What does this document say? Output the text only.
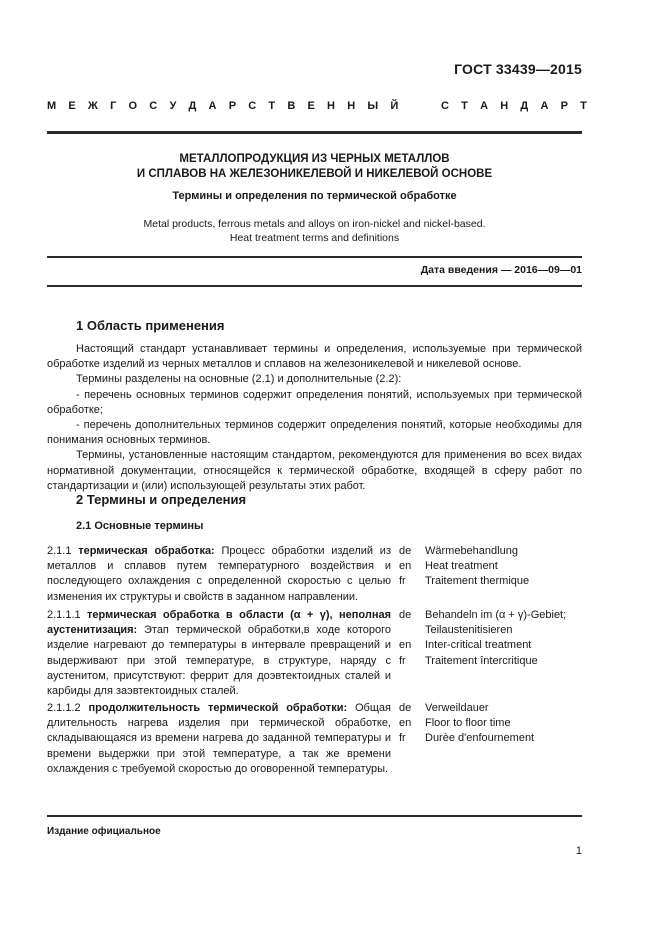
ГОСТ 33439—2015
М Е Ж Г О С У Д А Р С Т В Е Н Н Ы Й

	С Т А Н Д А Р Т
МЕТАЛЛОПРОДУКЦИЯ ИЗ ЧЕРНЫХ МЕТАЛЛОВ
И СПЛАВОВ НА ЖЕЛЕЗОНИКЕЛЕВОЙ И НИКЕЛЕВОЙ ОСНОВЕ
Термины и определения по термической обработке
Metal products, ferrous metals and alloys on iron-nickel and nickel-based.
Heat treatment terms and definitions
Дата введения — 2016—09—01
1 Область применения

Настоящий стандарт устанавливает термины и определения, используемые при термической обработке изделий из черных металлов и сплавов на железоникелевой и никелевой основе.

Термины разделены на основные (2.1) и дополнительные (2.2):

- перечень основных терминов содержит определения понятий, используемых при термической обработке;

- перечень дополнительных терминов содержит определения понятий, которые необходимы для понимания основных терминов.

Термины, установленные настоящим стандартом, рекомендуются для применения во всех видах нормативной документации, относящейся к термической обработке, входящей в сферу работ по стандартизации и (или) использующей результаты этих работ.

2 Термины и определения
2.1 Основные термины
2.1.1 термическая обработка: Процесс обработки изделий из металлов и сплавов путем температурного воздействия и последующего охлаждения с определенной скоростью с целью изменения их структуры и свойств в заданном направлении.
de
en
fr
Wärmebehandlung
Heat treatment
Traitement thermique
2.1.1.1 термическая обработка в области (α + γ), неполная аустенитизация: Этап термической обработки,в ходе которого изделие нагревают до температуры в интервале превращений и выдерживают при этой температуре, в структуре, наряду с аустенитом, присутствуют: феррит для доэвтектоидных сталей и карбиды для заэвтектоидных сталей.
de
en
fr
Behandeln im (α + γ)-Gebiet;
Teilaustenitisieren
Inter-critical treatment
Traitement întercritique
2.1.1.2 продолжительность термической обработки: Общая длительность нагрева изделия при термической обработке, складывающаяся из времени нагрева до заданной температуры и времени выдержки при этой температуре, а так же времени охлаждения с требуемой скоростью до оговоренной температуры.
de
en
fr
Verweildauer
Floor to floor time
Durèe d'enfournement
Издание официальное
1
